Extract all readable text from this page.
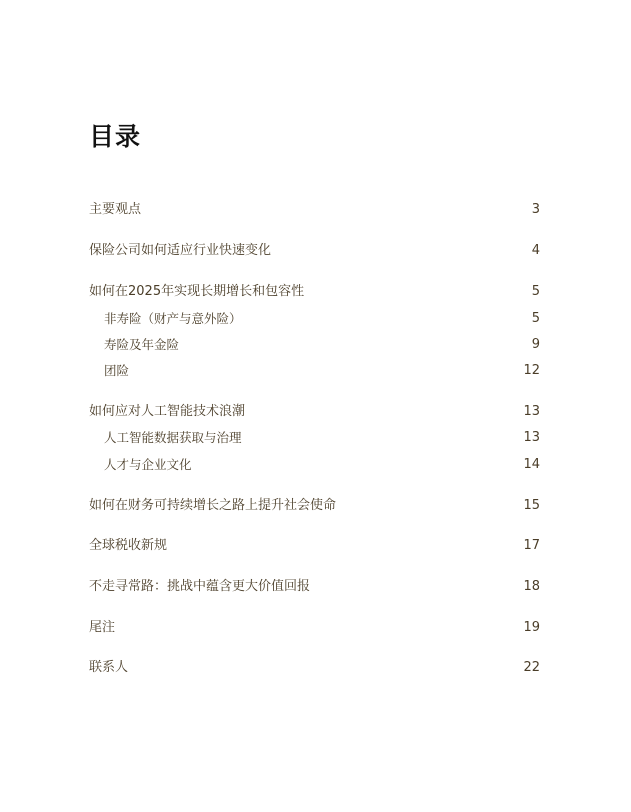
目录
主要观点	3
保险公司如何适应行业快速变化	4
如何在2025年实现长期增长和包容性	5
非寿险（财产与意外险）	5
寿险及年金险	9
团险	12
如何应对人工智能技术浪潮	13
人工智能数据获取与治理	13
人才与企业文化	14
如何在财务可持续增长之路上提升社会使命	15
全球税收新规	17
不走寻常路：挑战中蕴含更大价值回报	18
尾注	19
联系人	22
